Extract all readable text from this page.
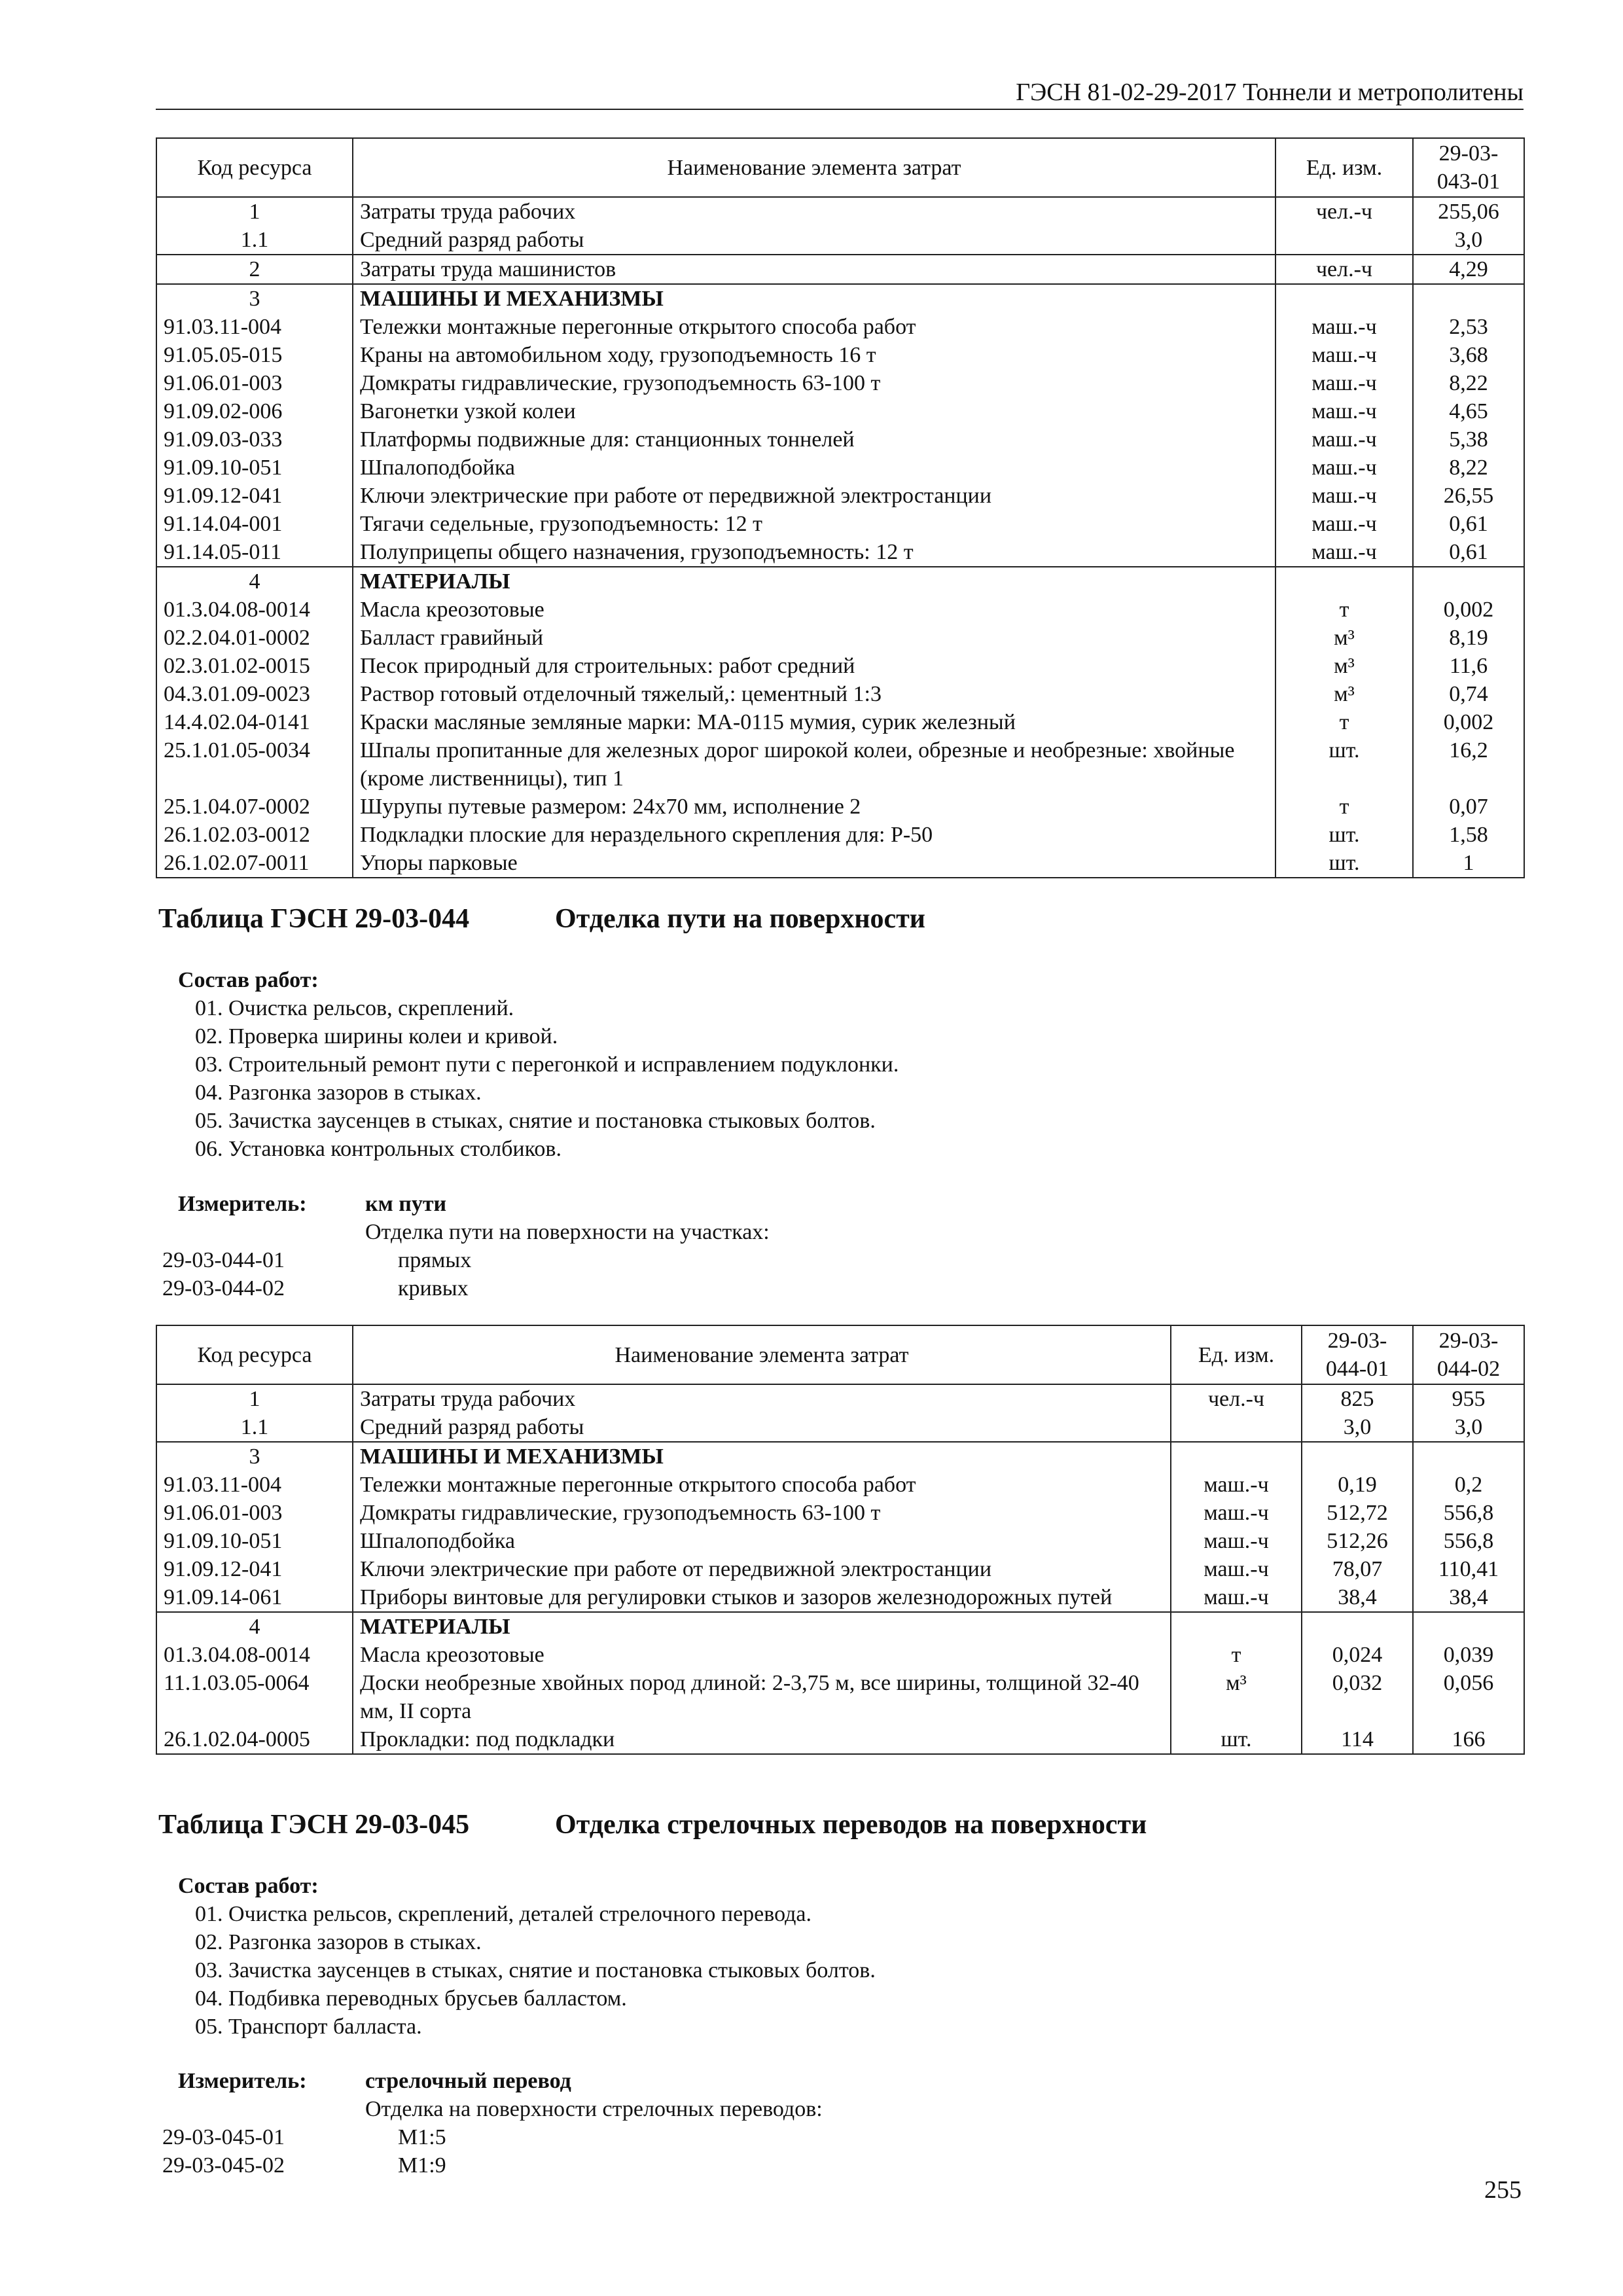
ГЭСН 81-02-29-2017 Тоннели и метрополитены
Код ресурса	Наименование элемента затрат	Ед. изм.	29-03-043-01
1	Затраты труда рабочих	чел.-ч	255,06
1.1	Средний разряд работы		3,0
2	Затраты труда машинистов	чел.-ч	4,29
3	МАШИНЫ И МЕХАНИЗМЫ		
91.03.11-004	Тележки монтажные перегонные открытого способа работ	маш.-ч	2,53
91.05.05-015	Краны на автомобильном ходу, грузоподъемность 16 т	маш.-ч	3,68
91.06.01-003	Домкраты гидравлические, грузоподъемность 63-100 т	маш.-ч	8,22
91.09.02-006	Вагонетки узкой колеи	маш.-ч	4,65
91.09.03-033	Платформы подвижные для: станционных тоннелей	маш.-ч	5,38
91.09.10-051	Шпалоподбойка	маш.-ч	8,22
91.09.12-041	Ключи электрические при работе от передвижной электростанции	маш.-ч	26,55
91.14.04-001	Тягачи седельные, грузоподъемность: 12 т	маш.-ч	0,61
91.14.05-011	Полуприцепы общего назначения, грузоподъемность: 12 т	маш.-ч	0,61
4	МАТЕРИАЛЫ		
01.3.04.08-0014	Масла креозотовые	т	0,002
02.2.04.01-0002	Балласт гравийный	м³	8,19
02.3.01.02-0015	Песок природный для строительных: работ средний	м³	11,6
04.3.01.09-0023	Раствор готовый отделочный тяжелый,: цементный 1:3	м³	0,74
14.4.02.04-0141	Краски масляные земляные марки: МА-0115 мумия, сурик железный	т	0,002
25.1.01.05-0034	Шпалы пропитанные для железных дорог широкой колеи, обрезные и необрезные: хвойные (кроме лиственницы), тип 1	шт.	16,2
25.1.04.07-0002	Шурупы путевые размером: 24х70 мм, исполнение 2	т	0,07
26.1.02.03-0012	Подкладки плоские для нераздельного скрепления для: Р-50	шт.	1,58
26.1.02.07-0011	Упоры парковые	шт.	1
Таблица ГЭСН 29-03-044	Отделка пути на поверхности
Состав работ:
01. Очистка рельсов, скреплений.
02. Проверка ширины колеи и кривой.
03. Строительный ремонт пути с перегонкой и исправлением подуклонки.
04. Разгонка зазоров в стыках.
05. Зачистка заусенцев в стыках, снятие и постановка стыковых болтов.
06. Установка контрольных столбиков.
Измеритель:	км пути
Отделка пути на поверхности на участках:
29-03-044-01	прямых
29-03-044-02	кривых
Код ресурса	Наименование элемента затрат	Ед. изм.	29-03-044-01	29-03-044-02
1	Затраты труда рабочих	чел.-ч	825	955
1.1	Средний разряд работы		3,0	3,0
3	МАШИНЫ И МЕХАНИЗМЫ			
91.03.11-004	Тележки монтажные перегонные открытого способа работ	маш.-ч	0,19	0,2
91.06.01-003	Домкраты гидравлические, грузоподъемность 63-100 т	маш.-ч	512,72	556,8
91.09.10-051	Шпалоподбойка	маш.-ч	512,26	556,8
91.09.12-041	Ключи электрические при работе от передвижной электростанции	маш.-ч	78,07	110,41
91.09.14-061	Приборы винтовые для регулировки стыков и зазоров железнодорожных путей	маш.-ч	38,4	38,4
4	МАТЕРИАЛЫ			
01.3.04.08-0014	Масла креозотовые	т	0,024	0,039
11.1.03.05-0064	Доски необрезные хвойных пород длиной: 2-3,75 м, все ширины, толщиной 32-40 мм, II сорта	м³	0,032	0,056
26.1.02.04-0005	Прокладки: под подкладки	шт.	114	166
Таблица ГЭСН 29-03-045	Отделка стрелочных переводов на поверхности
Состав работ:
01. Очистка рельсов, скреплений, деталей стрелочного перевода.
02. Разгонка зазоров в стыках.
03. Зачистка заусенцев в стыках, снятие и постановка стыковых болтов.
04. Подбивка переводных брусьев балластом.
05. Транспорт балласта.
Измеритель:	стрелочный перевод
Отделка на поверхности стрелочных переводов:
29-03-045-01	М1:5
29-03-045-02	М1:9
255
